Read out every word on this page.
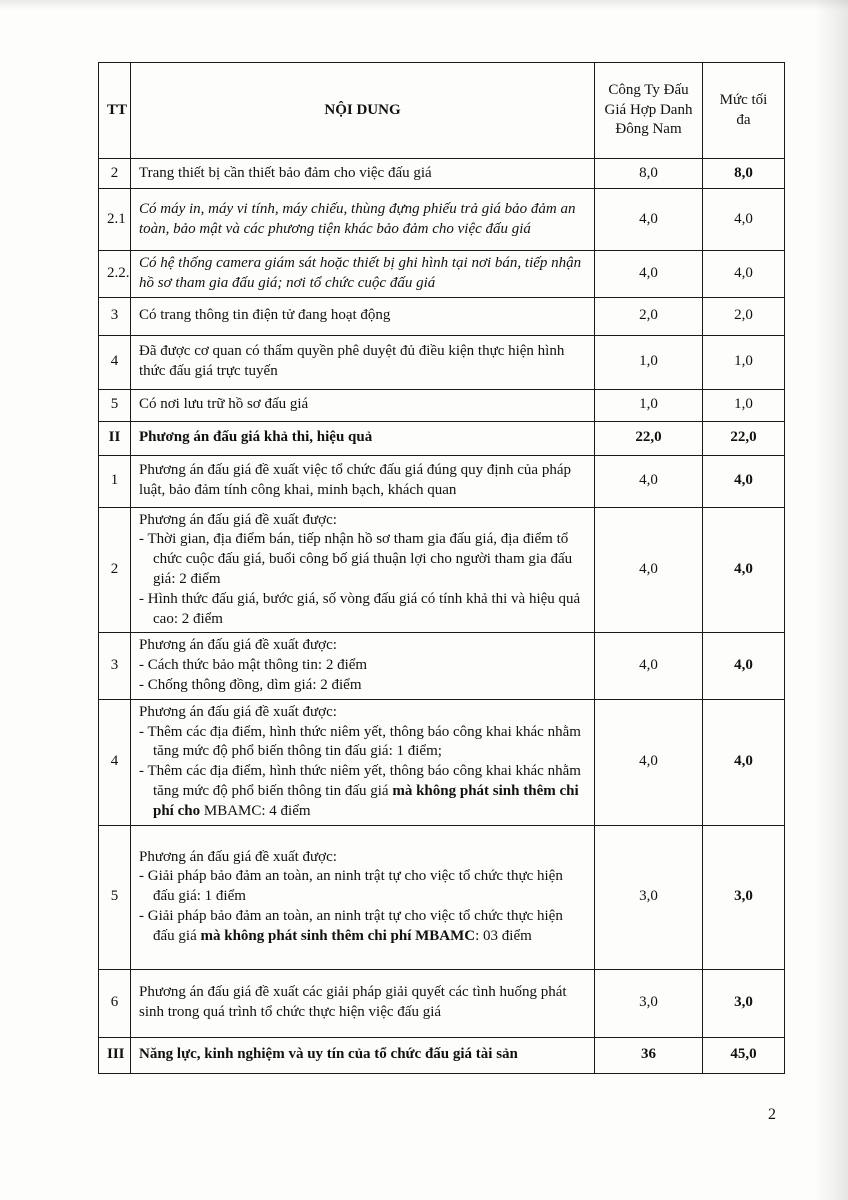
TT	NỘI DUNG	Công Ty Đấu Giá Hợp Danh Đông Nam	Mức tối đa
2	Trang thiết bị cần thiết bảo đảm cho việc đấu giá	8,0	8,0
2.1	Có máy in, máy vi tính, máy chiếu, thùng đựng phiếu trả giá bảo đảm an toàn, bảo mật và các phương tiện khác bảo đảm cho việc đấu giá	4,0	4,0
2.2.	Có hệ thống camera giám sát hoặc thiết bị ghi hình tại nơi bán, tiếp nhận hồ sơ tham gia đấu giá; nơi tổ chức cuộc đấu giá	4,0	4,0
3	Có trang thông tin điện tử đang hoạt động	2,0	2,0
4	Đã được cơ quan có thẩm quyền phê duyệt đủ điều kiện thực hiện hình thức đấu giá trực tuyến	1,0	1,0
5	Có nơi lưu trữ hồ sơ đấu giá	1,0	1,0
II	Phương án đấu giá khả thi, hiệu quả	22,0	22,0
1	Phương án đấu giá đề xuất việc tổ chức đấu giá đúng quy định của pháp luật, bảo đảm tính công khai, minh bạch, khách quan	4,0	4,0
2	Phương án đấu giá đề xuất được:
- Thời gian, địa điểm bán, tiếp nhận hồ sơ tham gia đấu giá, địa điểm tổ chức cuộc đấu giá, buổi công bố giá thuận lợi cho người tham gia đấu giá: 2 điểm
- Hình thức đấu giá, bước giá, số vòng đấu giá có tính khả thi và hiệu quả cao: 2 điểm	4,0	4,0
3	Phương án đấu giá đề xuất được:
- Cách thức bảo mật thông tin: 2 điểm
- Chống thông đồng, dìm giá: 2 điểm	4,0	4,0
4	Phương án đấu giá đề xuất được:
- Thêm các địa điểm, hình thức niêm yết, thông báo công khai khác nhằm tăng mức độ phổ biến thông tin đấu giá: 1 điểm;
- Thêm các địa điểm, hình thức niêm yết, thông báo công khai khác nhằm tăng mức độ phổ biến thông tin đấu giá mà không phát sinh thêm chi phí cho MBAMC: 4 điểm	4,0	4,0
5	Phương án đấu giá đề xuất được:
- Giải pháp bảo đảm an toàn, an ninh trật tự cho việc tổ chức thực hiện đấu giá: 1 điểm
- Giải pháp bảo đảm an toàn, an ninh trật tự cho việc tổ chức thực hiện đấu giá mà không phát sinh thêm chi phí MBAMC: 03 điểm	3,0	3,0
6	Phương án đấu giá đề xuất các giải pháp giải quyết các tình huống phát sinh trong quá trình tổ chức thực hiện việc đấu giá	3,0	3,0
III	Năng lực, kinh nghiệm và uy tín của tổ chức đấu giá tài sản	36	45,0
2
